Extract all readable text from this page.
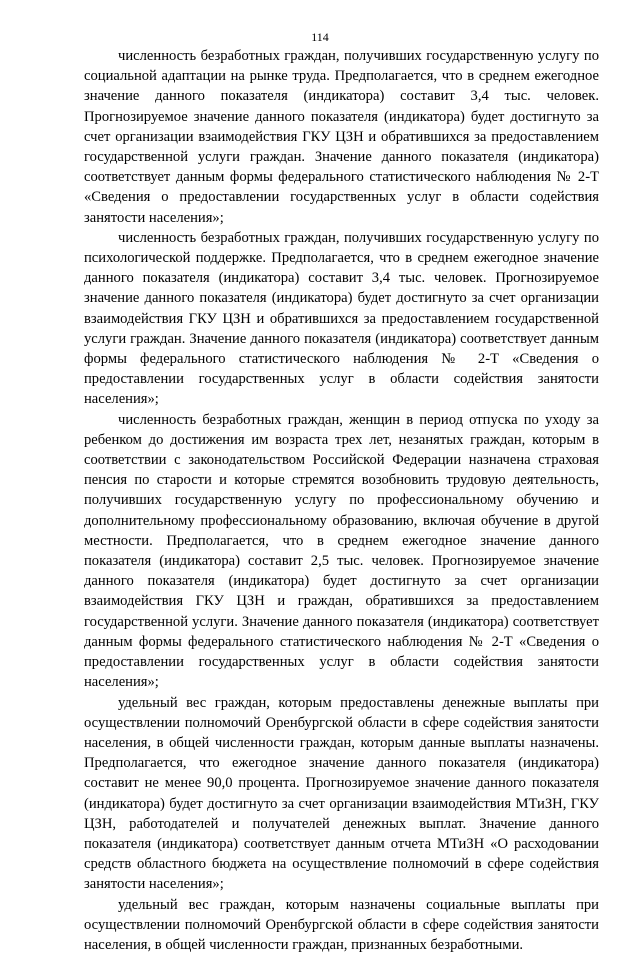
114

численность безработных граждан, получивших государственную услугу по социальной адаптации на рынке труда. Предполагается, что в среднем ежегодное значение данного показателя (индикатора) составит 3,4 тыс. человек. Прогнозируемое значение данного показателя (индикатора) будет достигнуто за счет организации взаимодействия ГКУ ЦЗН и обратившихся за предоставлением государственной услуги граждан. Значение данного показателя (индикатора) соответствует данным формы федерального статистического наблюдения № 2-Т «Сведения о предоставлении государственных услуг в области содействия занятости населения»;

численность безработных граждан, получивших государственную услугу по психологической поддержке. Предполагается, что в среднем ежегодное значение данного показателя (индикатора) составит 3,4 тыс. человек. Прогнозируемое значение данного показателя (индикатора) будет достигнуто за счет организации взаимодействия ГКУ ЦЗН и обратившихся за предоставлением государственной услуги граждан. Значение данного показателя (индикатора) соответствует данным формы федерального статистического наблюдения № 2-Т «Сведения о предоставлении государственных услуг в области содействия занятости населения»;

численность безработных граждан, женщин в период отпуска по уходу за ребенком до достижения им возраста трех лет, незанятых граждан, которым в соответствии с законодательством Российской Федерации назначена страховая пенсия по старости и которые стремятся возобновить трудовую деятельность, получивших государственную услугу по профессиональному обучению и дополнительному профессиональному образованию, включая обучение в другой местности. Предполагается, что в среднем ежегодное значение данного показателя (индикатора) составит 2,5 тыс. человек. Прогнозируемое значение данного показателя (индикатора) будет достигнуто за счет организации взаимодействия ГКУ ЦЗН и граждан, обратившихся за предоставлением государственной услуги. Значение данного показателя (индикатора) соответствует данным формы федерального статистического наблюдения № 2-Т «Сведения о предоставлении государственных услуг в области содействия занятости населения»;

удельный вес граждан, которым предоставлены денежные выплаты при осуществлении полномочий Оренбургской области в сфере содействия занятости населения, в общей численности граждан, которым данные выплаты назначены. Предполагается, что ежегодное значение данного показателя (индикатора) составит не менее 90,0 процента. Прогнозируемое значение данного показателя (индикатора) будет достигнуто за счет организации взаимодействия МТиЗН, ГКУ ЦЗН, работодателей и получателей денежных выплат. Значение данного показателя (индикатора) соответствует данным отчета МТиЗН «О расходовании средств областного бюджета на осуществление полномочий в сфере содействия занятости населения»;

удельный вес граждан, которым назначены социальные выплаты при осуществлении полномочий Оренбургской области в сфере содействия занятости населения, в общей численности граждан, признанных безработными.
